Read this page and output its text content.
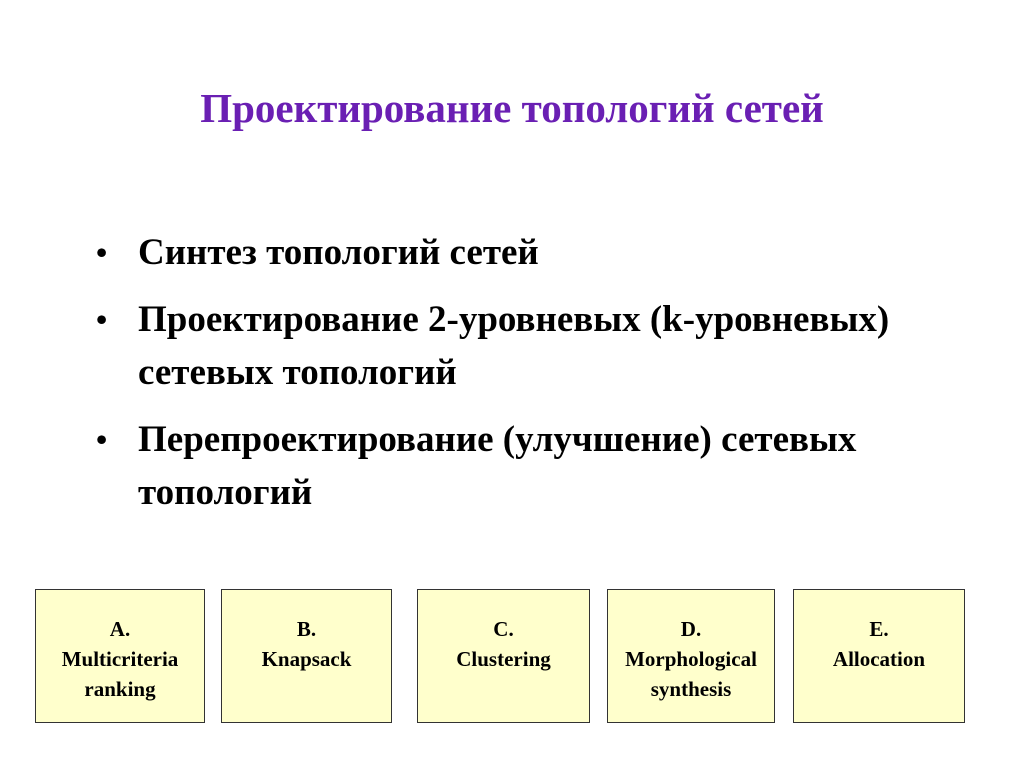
Проектирование топологий сетей
• Синтез топологий сетей
• Проектирование 2-уровневых (k-уровневых) сетевых топологий
• Перепроектирование (улучшение) сетевых топологий
A.
Multicriteria
ranking
B.
Knapsack
C.
Clustering
D.
Morphological
synthesis
E.
Allocation
